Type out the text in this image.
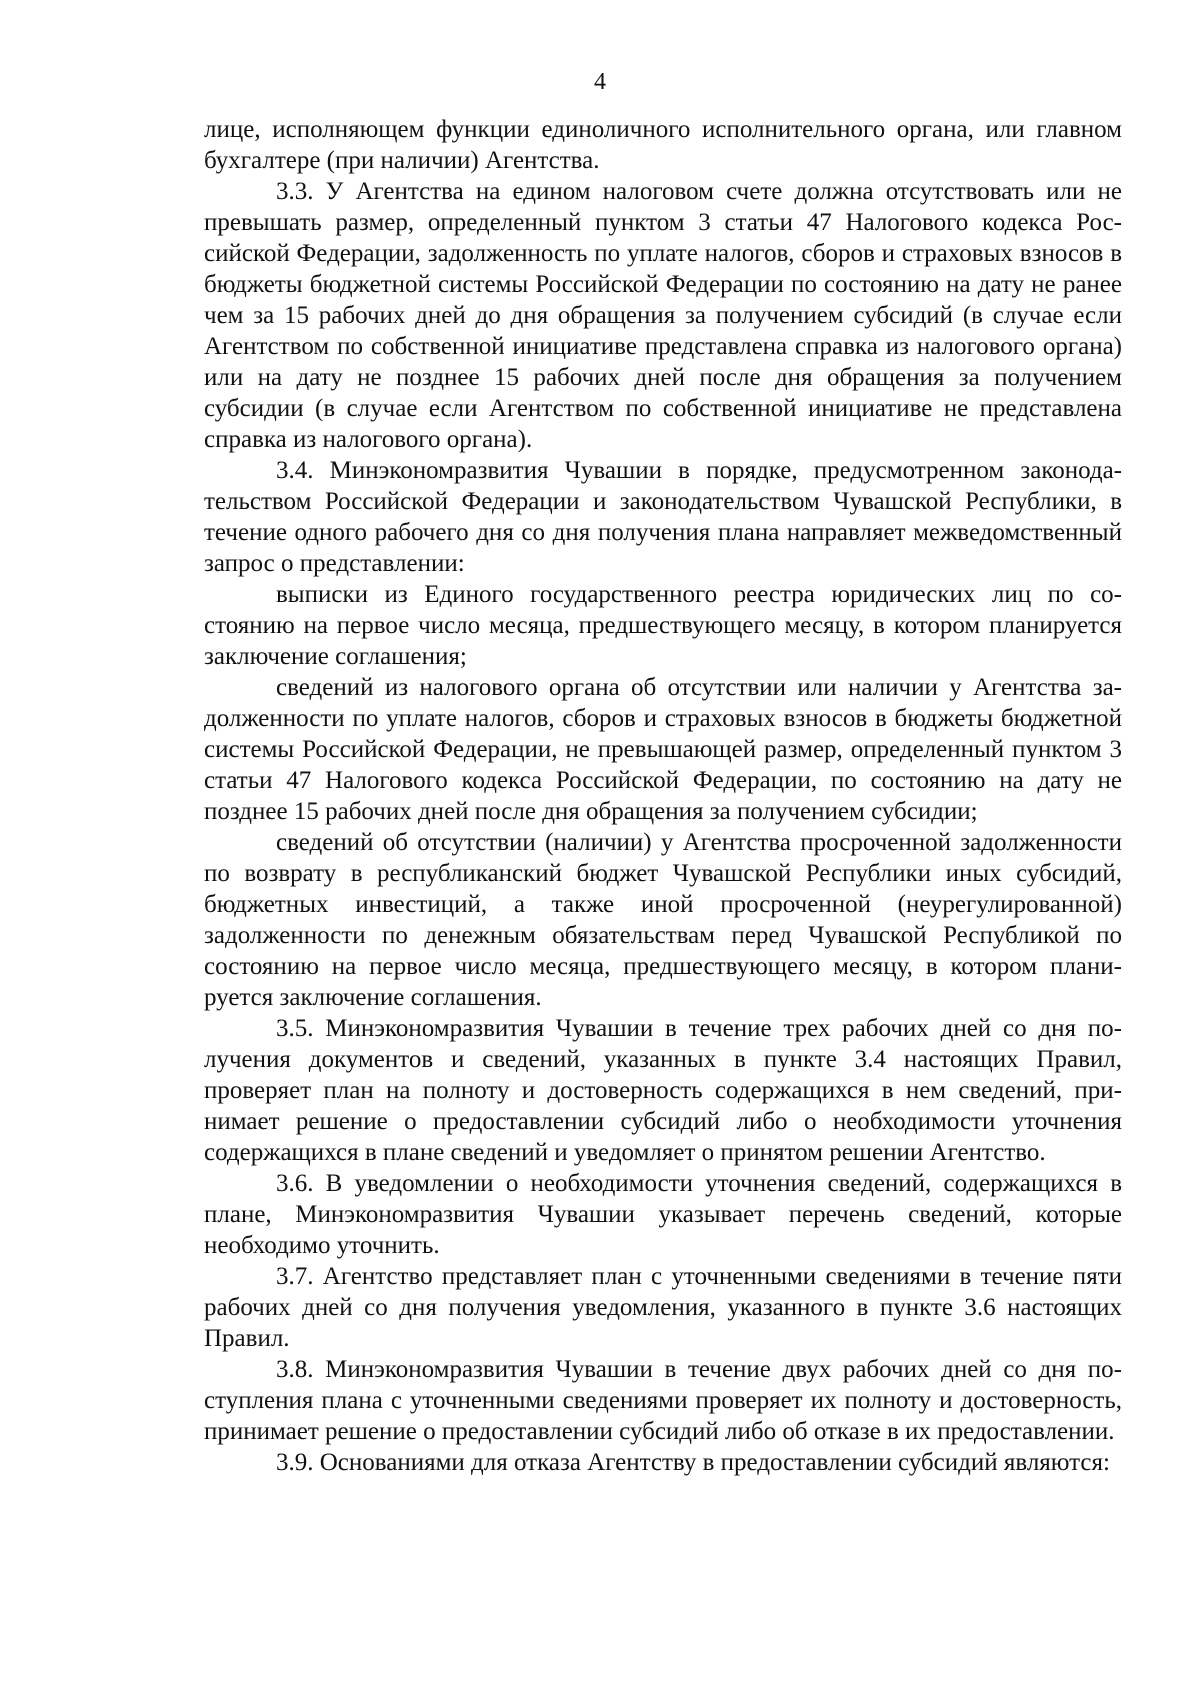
4

лице, исполняющем функции единоличного исполнительного органа, или главном бухгалтере (при наличии) Агентства.

3.3. У Агентства на едином налоговом счете должна отсутствовать или не превышать размер, определенный пунктом 3 статьи 47 Налогового кодекса Российской Федерации, задолженность по уплате налогов, сборов и страховых взносов в бюджеты бюджетной системы Российской Федерации по состоянию на дату не ранее чем за 15 рабочих дней до дня обращения за получением субсидий (в случае если Агентством по собственной инициативе представлена справка из налогового органа) или на дату не позднее 15 рабочих дней после дня обращения за получением субсидии (в случае если Агентством по собственной инициативе не представлена справка из налогового органа).

3.4. Минэкономразвития Чувашии в порядке, предусмотренном законодательством Российской Федерации и законодательством Чувашской Республики, в течение одного рабочего дня со дня получения плана направляет межведомственный запрос о представлении:

выписки из Единого государственного реестра юридических лиц по состоянию на первое число месяца, предшествующего месяцу, в котором планируется заключение соглашения;

сведений из налогового органа об отсутствии или наличии у Агентства задолженности по уплате налогов, сборов и страховых взносов в бюджеты бюджетной системы Российской Федерации, не превышающей размер, определенный пунктом 3 статьи 47 Налогового кодекса Российской Федерации, по состоянию на дату не позднее 15 рабочих дней после дня обращения за получением субсидии;

сведений об отсутствии (наличии) у Агентства просроченной задолженности по возврату в республиканский бюджет Чувашской Республики иных субсидий, бюджетных инвестиций, а также иной просроченной (неурегулированной) задолженности по денежным обязательствам перед Чувашской Республикой по состоянию на первое число месяца, предшествующего месяцу, в котором планируется заключение соглашения.

3.5. Минэкономразвития Чувашии в течение трех рабочих дней со дня получения документов и сведений, указанных в пункте 3.4 настоящих Правил, проверяет план на полноту и достоверность содержащихся в нем сведений, принимает решение о предоставлении субсидий либо о необходимости уточнения содержащихся в плане сведений и уведомляет о принятом решении Агентство.

3.6. В уведомлении о необходимости уточнения сведений, содержащихся в плане, Минэкономразвития Чувашии указывает перечень сведений, которые необходимо уточнить.

3.7. Агентство представляет план с уточненными сведениями в течение пяти рабочих дней со дня получения уведомления, указанного в пункте 3.6 настоящих Правил.

3.8. Минэкономразвития Чувашии в течение двух рабочих дней со дня поступления плана с уточненными сведениями проверяет их полноту и достоверность, принимает решение о предоставлении субсидий либо об отказе в их предоставлении.

3.9. Основаниями для отказа Агентству в предоставлении субсидий являются:
